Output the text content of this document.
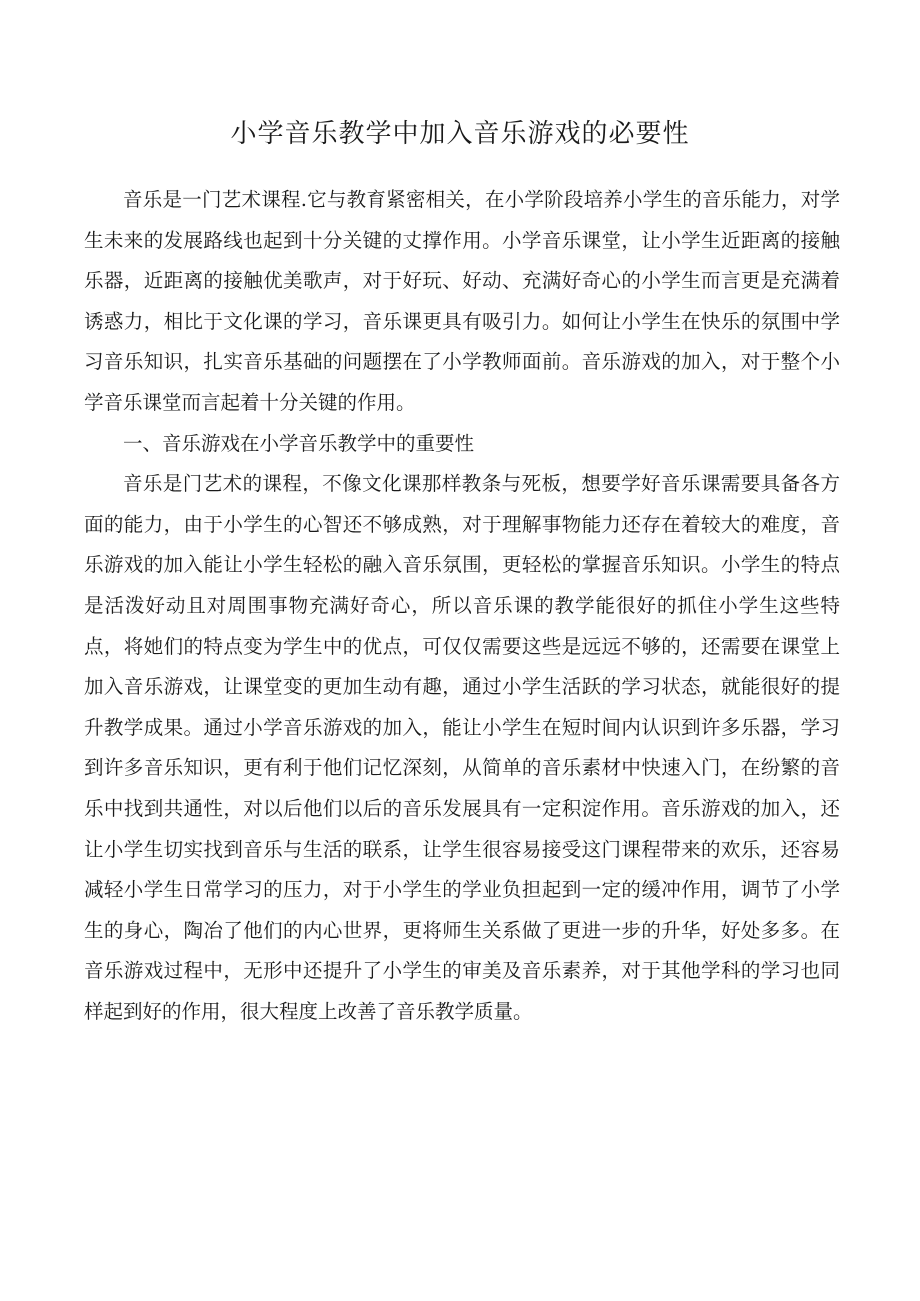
小学音乐教学中加入音乐游戏的必要性

音乐是一门艺术课程.它与教育紧密相关，在小学阶段培养小学生的音乐能力，对学生未来的发展路线也起到十分关键的丈撑作用。小学音乐课堂，让小学生近距离的接触乐器，近距离的接触优美歌声，对于好玩、好动、充满好奇心的小学生而言更是充满着诱惑力，相比于文化课的学习，音乐课更具有吸引力。如何让小学生在快乐的氛围中学习音乐知识，扎实音乐基础的问题摆在了小学教师面前。音乐游戏的加入，对于整个小学音乐课堂而言起着十分关键的作用。

一、音乐游戏在小学音乐教学中的重要性

音乐是门艺术的课程，不像文化课那样教条与死板，想要学好音乐课需要具备各方面的能力，由于小学生的心智还不够成熟，对于理解事物能力还存在着较大的难度，音乐游戏的加入能让小学生轻松的融入音乐氛围，更轻松的掌握音乐知识。小学生的特点是活泼好动且对周围事物充满好奇心，所以音乐课的教学能很好的抓住小学生这些特点，将她们的特点变为学生中的优点，可仅仅需要这些是远远不够的，还需要在课堂上加入音乐游戏，让课堂变的更加生动有趣，通过小学生活跃的学习状态，就能很好的提升教学成果。通过小学音乐游戏的加入，能让小学生在短时间内认识到许多乐器，学习到许多音乐知识，更有利于他们记忆深刻，从简单的音乐素材中快速入门，在纷繁的音乐中找到共通性，对以后他们以后的音乐发展具有一定积淀作用。音乐游戏的加入，还让小学生切实找到音乐与生活的联系，让学生很容易接受这门课程带来的欢乐，还容易减轻小学生日常学习的压力，对于小学生的学业负担起到一定的缓冲作用，调节了小学生的身心，陶冶了他们的内心世界，更将师生关系做了更进一步的升华，好处多多。在音乐游戏过程中，无形中还提升了小学生的审美及音乐素养，对于其他学科的学习也同样起到好的作用，很大程度上改善了音乐教学质量。
